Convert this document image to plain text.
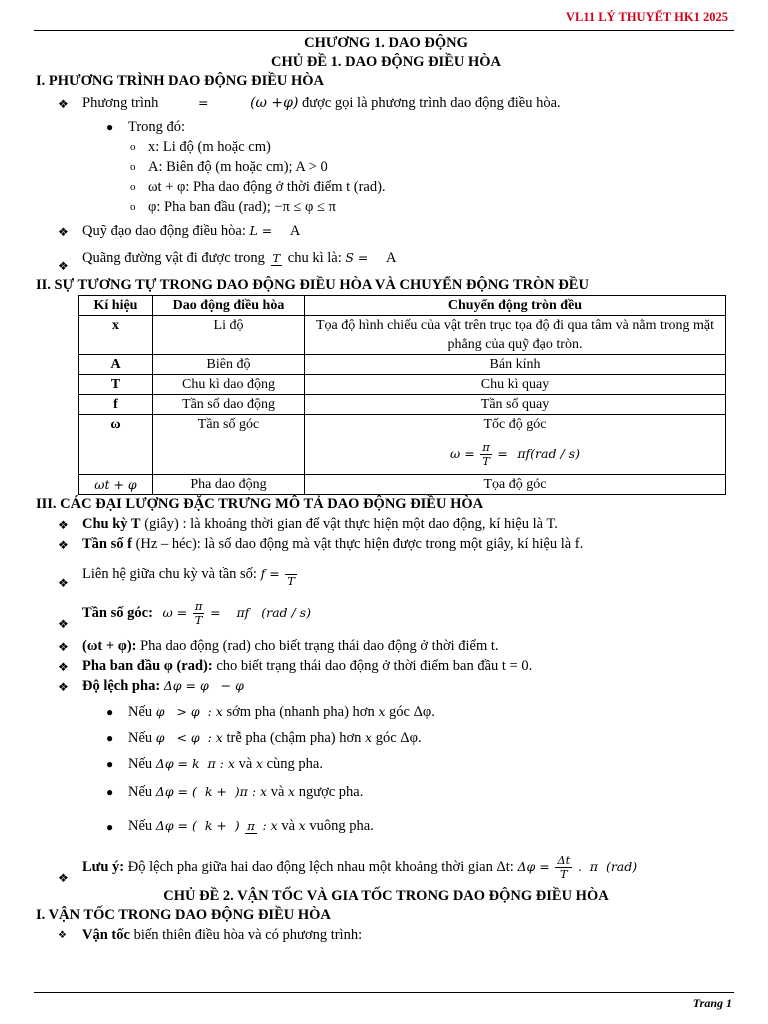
VL11 LÝ THUYẾT HK1 2025
CHƯƠNG 1. DAO ĐỘNG
CHỦ ĐỀ 1. DAO ĐỘNG ĐIỀU HÒA
I. PHƯƠNG TRÌNH DAO ĐỘNG ĐIỀU HÒA
❖ Phương trình	=	(ω +φ) được gọi là phương trình dao động điều hòa.
● Trong đó:
o x: Li độ (m hoặc cm)
o A: Biên độ (m hoặc cm); A > 0
o ωt + φ: Pha dao động ở thời điểm t (rad).
o φ: Pha ban đầu (rad); −π ≤ φ ≤ π
❖ Quỹ đạo dao động điều hòa: L = A
❖ Quãng đường vật đi được trong T chu kì là: S = A
II. SỰ TƯƠNG TỰ TRONG DAO ĐỘNG ĐIỀU HÒA VÀ CHUYỂN ĐỘNG TRÒN ĐỀU
Kí hiệu	Dao động điều hòa	Chuyển động tròn đều
x	Li độ	Tọa độ hình chiếu của vật trên trục tọa độ đi qua tâm và nằm trong mặt phẳng của quỹ đạo tròn.
A	Biên độ	Bán kính
T	Chu kì dao động	Chu kì quay
f	Tần số dao động	Tần số quay
ω	Tần số góc	Tốc độ góc
$\omega = \frac{\pi}{T} = \pi f(rad / s)$

ωt + φ	Pha dao động	Tọa độ góc
III. CÁC ĐẠI LƯỢNG ĐẶC TRƯNG MÔ TẢ DAO ĐỘNG ĐIỀU HÒA
❖ Chu kỳ T (giây) : là khoảng thời gian để vật thực hiện một dao động, kí hiệu là T.
❖ Tần số f (Hz – héc): là số dao động mà vật thực hiện được trong một giây, kí hiệu là f.
❖
Liên hệ giữa chu kỳ và tần số: f =

T
❖
Tần số góc: $\omega = \frac{\pi}{T}$ =    πf   (rad / s)
❖ (ωt + φ): Pha dao động (rad) cho biết trạng thái dao động ở thời điểm t.
❖ Pha ban đầu φ (rad): cho biết trạng thái dao động ở thời điểm ban đầu t = 0.
❖ Độ lệch pha: Δφ = φ   − φ
● Nếu φ   > φ  : x sớm pha (nhanh pha) hơn x góc Δφ.
● Nếu φ   < φ  : x trễ pha (chậm pha) hơn x góc Δφ.
● Nếu Δφ = k  π : x và x cùng pha.
● Nếu Δφ = (  k +  )π : x và x ngược pha.
● Nếu Δφ = (  k +  ) π : x và x vuông pha.
❖
Lưu ý: Độ lệch pha giữa hai dao động lệch nhau một khoảng thời gian Δt: $\Delta\varphi = \frac{\Delta t}{T}$ .  π  (rad)
CHỦ ĐỀ 2. VẬN TỐC VÀ GIA TỐC TRONG DAO ĐỘNG ĐIỀU HÒA
I. VẬN TỐC TRONG DAO ĐỘNG ĐIỀU HÒA
❖ Vận tốc biến thiên điều hòa và có phương trình:
Trang 1
